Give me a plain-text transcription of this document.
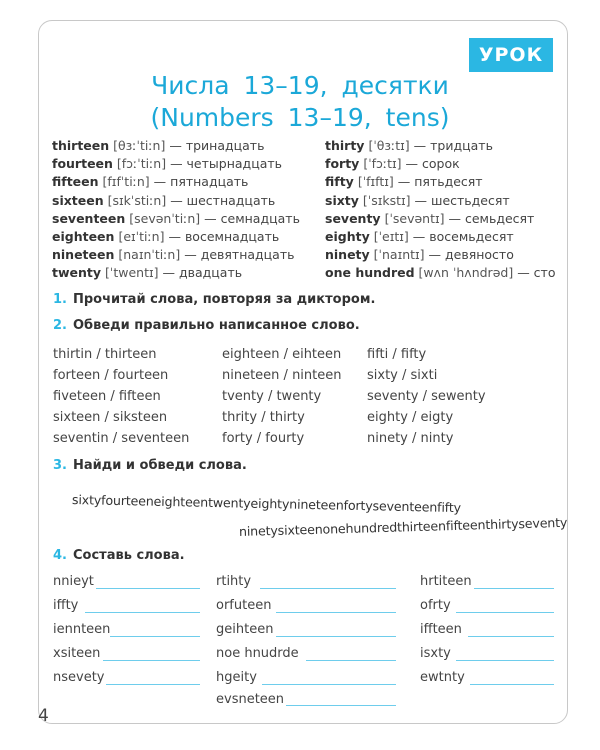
УРОК 2
Числа 13–19, десятки
(Numbers 13–19, tens)
thirteen [θɜːˈtiːn] — тринадцать
fourteen [fɔːˈtiːn] — четырнадцать
fifteen [fɪfˈtiːn] — пятнадцать
sixteen [sɪkˈstiːn] — шестнадцать
seventeen [sevənˈtiːn] — семнадцать
eighteen [eɪˈtiːn] — восемнадцать
nineteen [naɪnˈtiːn] — девятнадцать
twenty [ˈtwentɪ] — двадцать
thirty [ˈθɜːtɪ] — тридцать
forty [ˈfɔːtɪ] — сорок
fifty [ˈfɪftɪ] — пятьдесят
sixty [ˈsɪkstɪ] — шестьдесят
seventy [ˈsevəntɪ] — семьдесят
eighty [ˈeɪtɪ] — восемьдесят
ninety [ˈnaɪntɪ] — девяносто
one hundred [wʌn ˈhʌndrəd] — сто
1. Прочитай слова, повторяя за диктором.
2. Обведи правильно написанное слово.
thirtin / thirteen
forteen / fourteen
fiveteen / fifteen
sixteen / siksteen
seventin / seventeen
eighteen / eihteen
nineteen / ninteen
tventy / twenty
thrity / thirty
forty / fourty
fifti / fifty
sixty / sixti
seventy / sewenty
eighty / eigty
ninety / ninty
3. Найди и обведи слова.
sixtyfourteeneighteentwentyeightynineteenfortyseventeenfifty
ninetysixteenonehundredthirteenfifteenthirtyseventy
4. Составь слова.
nnieyt
iffty
iennteen
xsiteen
nsevety
rtihty
orfuteen
geihteen
noe hnudrde
hgeity
evsneteen
hrtiteen
ofrty
iffteen
isxty
ewtnty
4
